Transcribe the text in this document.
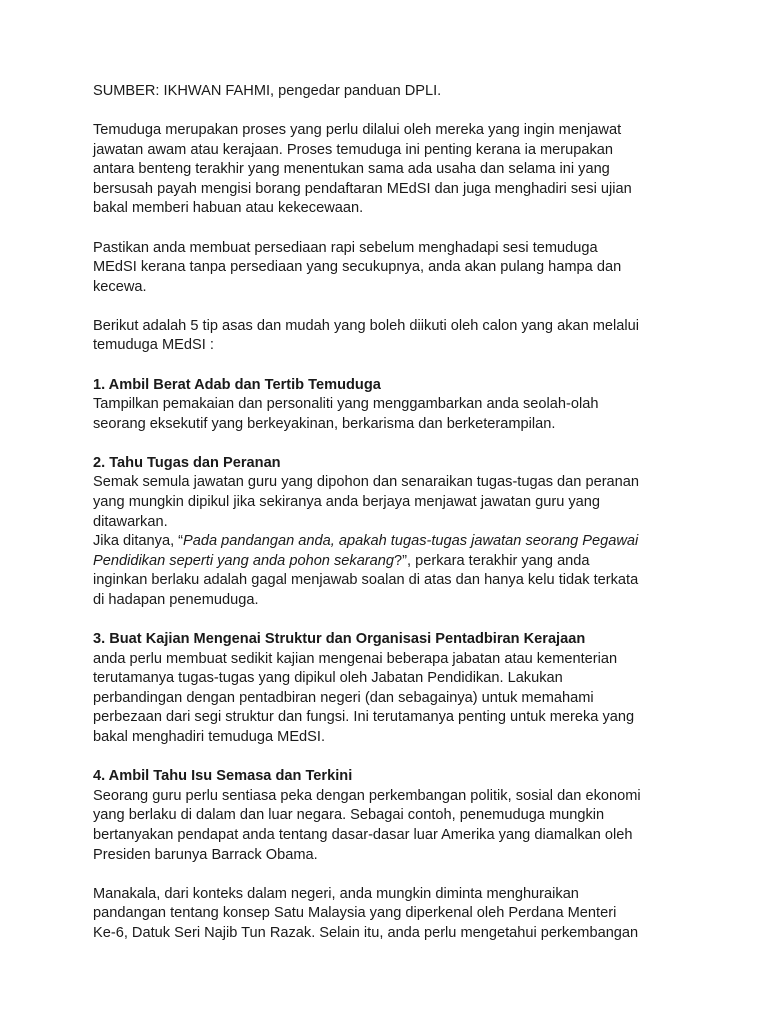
SUMBER: IKHWAN FAHMI, pengedar panduan DPLI.

Temuduga merupakan proses yang perlu dilalui oleh mereka yang ingin menjawat
jawatan awam atau kerajaan. Proses temuduga ini penting kerana ia merupakan
antara benteng terakhir yang menentukan sama ada usaha dan selama ini yang
bersusah payah mengisi borang pendaftaran MEdSI dan juga menghadiri sesi ujian
bakal memberi habuan atau kekecewaan.

Pastikan anda membuat persediaan rapi sebelum menghadapi sesi temuduga
MEdSI kerana tanpa persediaan yang secukupnya, anda akan pulang hampa dan
kecewa.

Berikut adalah 5 tip asas dan mudah yang boleh diikuti oleh calon yang akan melalui
temuduga MEdSI :

1. Ambil Berat Adab dan Tertib Temuduga
Tampilkan pemakaian dan personaliti yang menggambarkan anda seolah-olah
seorang eksekutif yang berkeyakinan, berkarisma dan berketerampilan.

2. Tahu Tugas dan Peranan
Semak semula jawatan guru yang dipohon dan senaraikan tugas-tugas dan peranan
yang mungkin dipikul jika sekiranya anda berjaya menjawat jawatan guru yang
ditawarkan.
Jika ditanya, “Pada pandangan anda, apakah tugas-tugas jawatan seorang Pegawai
Pendidikan seperti yang anda pohon sekarang?”, perkara terakhir yang anda
inginkan berlaku adalah gagal menjawab soalan di atas dan hanya kelu tidak terkata
di hadapan penemuduga.

3. Buat Kajian Mengenai Struktur dan Organisasi Pentadbiran Kerajaan
anda perlu membuat sedikit kajian mengenai beberapa jabatan atau kementerian
terutamanya tugas-tugas yang dipikul oleh Jabatan Pendidikan. Lakukan
perbandingan dengan pentadbiran negeri (dan sebagainya) untuk memahami
perbezaan dari segi struktur dan fungsi. Ini terutamanya penting untuk mereka yang
bakal menghadiri temuduga MEdSI.

4. Ambil Tahu Isu Semasa dan Terkini
Seorang guru perlu sentiasa peka dengan perkembangan politik, sosial dan ekonomi
yang berlaku di dalam dan luar negara. Sebagai contoh, penemuduga mungkin
bertanyakan pendapat anda tentang dasar-dasar luar Amerika yang diamalkan oleh
Presiden barunya Barrack Obama.

Manakala, dari konteks dalam negeri, anda mungkin diminta menghuraikan
pandangan tentang konsep Satu Malaysia yang diperkenal oleh Perdana Menteri
Ke-6, Datuk Seri Najib Tun Razak. Selain itu, anda perlu mengetahui perkembangan
